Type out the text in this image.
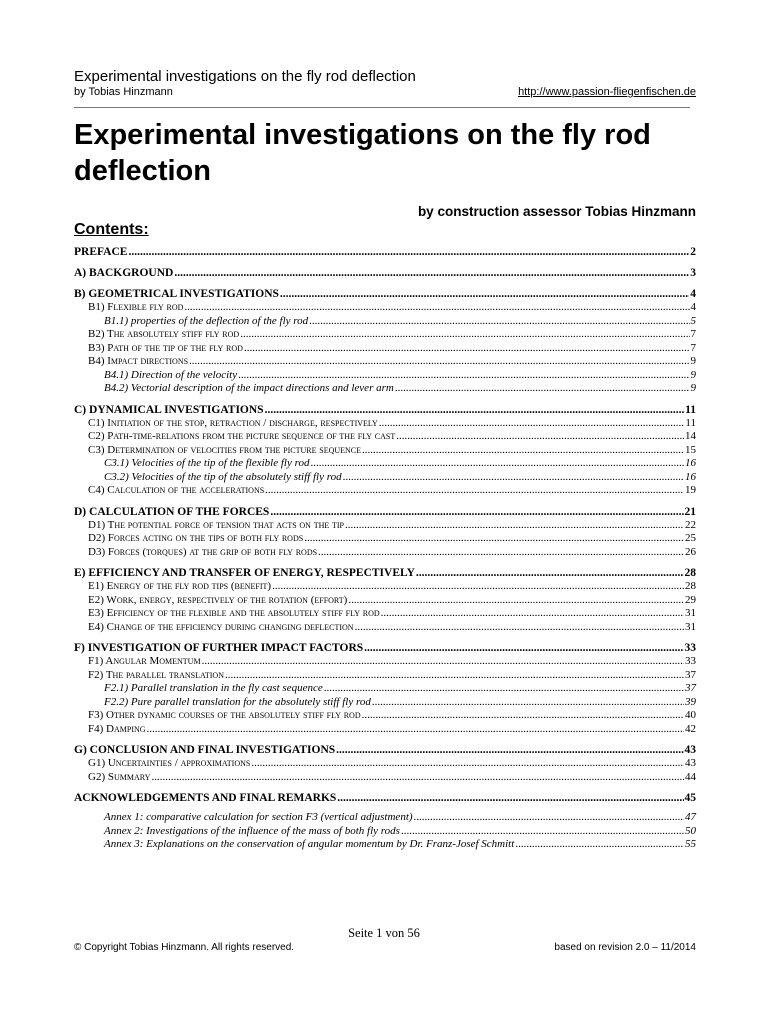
Experimental investigations on the fly rod deflection
by Tobias Hinzmann	http://www.passion-fliegenfischen.de
Experimental investigations on the fly rod deflection
by construction assessor Tobias Hinzmann
Contents:
PREFACE .....	2
A) BACKGROUND .....	3
B) GEOMETRICAL INVESTIGATIONS .....	4
B1) Flexible fly rod .....	4
B1.1) properties of the deflection of the fly rod .....	5
B2) The absolutely stiff fly rod .....	7
B3) Path of the tip of the fly rod .....	7
B4) Impact directions .....	9
B4.1) Direction of the velocity .....	9
B4.2) Vectorial description of the impact directions and lever arm .....	9
C) DYNAMICAL INVESTIGATIONS .....	11
C1) Initiation of the stop, retraction / discharge, respectively .....	11
C2) Path-time-relations from the picture sequence of the fly cast .....	14
C3) Determination of velocities from the picture sequence .....	15
C3.1) Velocities of the tip of the flexible fly rod .....	16
C3.2) Velocities of the tip of the absolutely stiff fly rod .....	16
C4) Calculation of the accelerations .....	19
D) CALCULATION OF THE FORCES .....	21
D1) The potential force of tension that acts on the tip .....	22
D2) Forces acting on the tips of both fly rods .....	25
D3) Forces (torques) at the grip of both fly rods .....	26
E) EFFICIENCY AND TRANSFER OF ENERGY, RESPECTIVELY .....	28
E1) Energy of the fly rod tips (benefit) .....	28
E2) Work, energy, respectively of the rotation (effort) .....	29
E3) Efficiency of the flexible and the absolutely stiff fly rod .....	31
E4) Change of the efficiency during changing deflection .....	31
F) INVESTIGATION OF FURTHER IMPACT FACTORS .....	33
F1) Angular Momentum .....	33
F2) The parallel translation .....	37
F2.1) Parallel translation in the fly cast sequence .....	37
F2.2) Pure parallel translation for the absolutely stiff fly rod .....	39
F3) Other dynamic courses of the absolutely stiff fly rod .....	40
F4) Damping .....	42
G) CONCLUSION AND FINAL INVESTIGATIONS .....	43
G1) Uncertainties / approximations .....	43
G2) Summary .....	44
ACKNOWLEDGEMENTS AND FINAL REMARKS .....	45
Annex 1: comparative calculation for section F3 (vertical adjustment) .....	47
Annex 2: Investigations of the influence of the mass of both fly rods .....	50
Annex 3: Explanations on the conservation of angular momentum by Dr. Franz-Josef Schmitt .....	55
Seite 1 von 56
© Copyright Tobias Hinzmann. All rights reserved.	based on revision 2.0 – 11/2014
